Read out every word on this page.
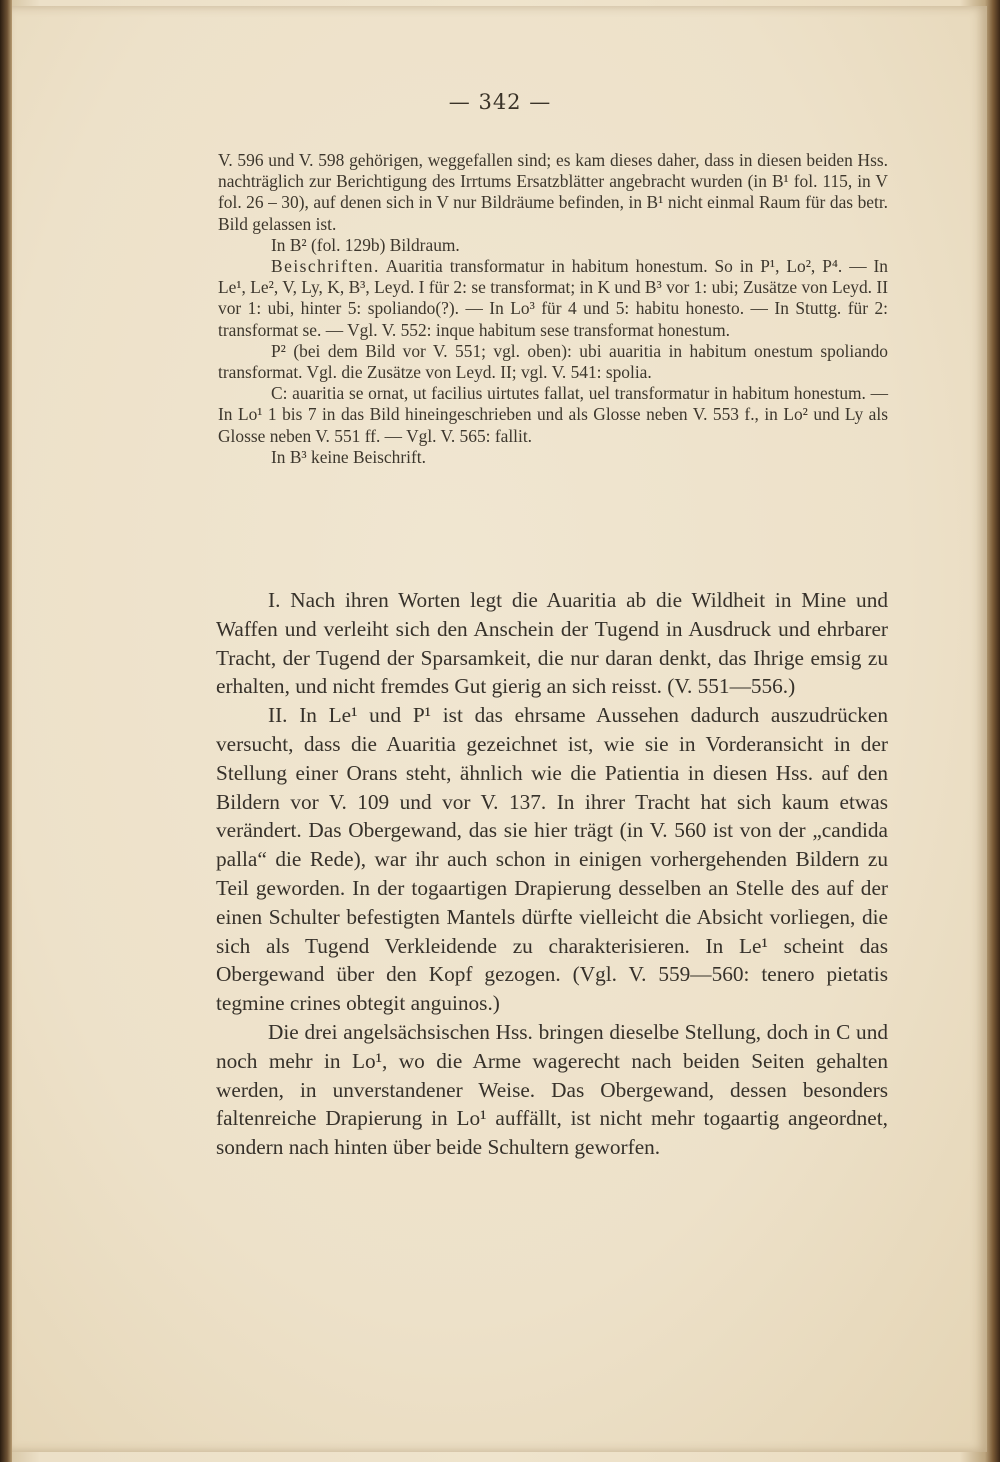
— 342 —

V. 596 und V. 598 gehörigen, weggefallen sind; es kam dieses daher, dass in diesen beiden Hss. nachträglich zur Berichtigung des Irrtums Ersatzblätter angebracht wurden (in B¹ fol. 115, in V fol. 26 – 30), auf denen sich in V nur Bildräume befinden, in B¹ nicht einmal Raum für das betr. Bild gelassen ist.

In B² (fol. 129b) Bildraum.

Beischriften. Auaritia transformatur in habitum honestum. So in P¹, Lo², P⁴. — In Le¹, Le², V, Ly, K, B³, Leyd. I für 2: se transformat; in K und B³ vor 1: ubi; Zusätze von Leyd. II vor 1: ubi, hinter 5: spoliando(?). — In Lo³ für 4 und 5: habitu honesto. — In Stuttg. für 2: transformat se. — Vgl. V. 552: inque habitum sese transformat honestum.

P² (bei dem Bild vor V. 551; vgl. oben): ubi auaritia in habitum onestum spoliando transformat. Vgl. die Zusätze von Leyd. II; vgl. V. 541: spolia.

C: auaritia se ornat, ut facilius uirtutes fallat, uel transformatur in habitum honestum. — In Lo¹ 1 bis 7 in das Bild hineingeschrieben und als Glosse neben V. 553 f., in Lo² und Ly als Glosse neben V. 551 ff. — Vgl. V. 565: fallit.

In B³ keine Beischrift.

I. Nach ihren Worten legt die Auaritia ab die Wildheit in Mine und Waffen und verleiht sich den Anschein der Tugend in Ausdruck und ehrbarer Tracht, der Tugend der Sparsamkeit, die nur daran denkt, das Ihrige emsig zu erhalten, und nicht fremdes Gut gierig an sich reisst. (V. 551—556.)

II. In Le¹ und P¹ ist das ehrsame Aussehen dadurch auszudrücken versucht, dass die Auaritia gezeichnet ist, wie sie in Vorderansicht in der Stellung einer Orans steht, ähnlich wie die Patientia in diesen Hss. auf den Bildern vor V. 109 und vor V. 137. In ihrer Tracht hat sich kaum etwas verändert. Das Obergewand, das sie hier trägt (in V. 560 ist von der „candida palla“ die Rede), war ihr auch schon in einigen vorhergehenden Bildern zu Teil geworden. In der togaartigen Drapierung desselben an Stelle des auf der einen Schulter befestigten Mantels dürfte vielleicht die Absicht vorliegen, die sich als Tugend Verkleidende zu charakterisieren. In Le¹ scheint das Obergewand über den Kopf gezogen. (Vgl. V. 559—560: tenero pietatis tegmine crines obtegit anguinos.)

Die drei angelsächsischen Hss. bringen dieselbe Stellung, doch in C und noch mehr in Lo¹, wo die Arme wagerecht nach beiden Seiten gehalten werden, in unverstandener Weise. Das Obergewand, dessen besonders faltenreiche Drapierung in Lo¹ auffällt, ist nicht mehr togaartig angeordnet, sondern nach hinten über beide Schultern geworfen.
